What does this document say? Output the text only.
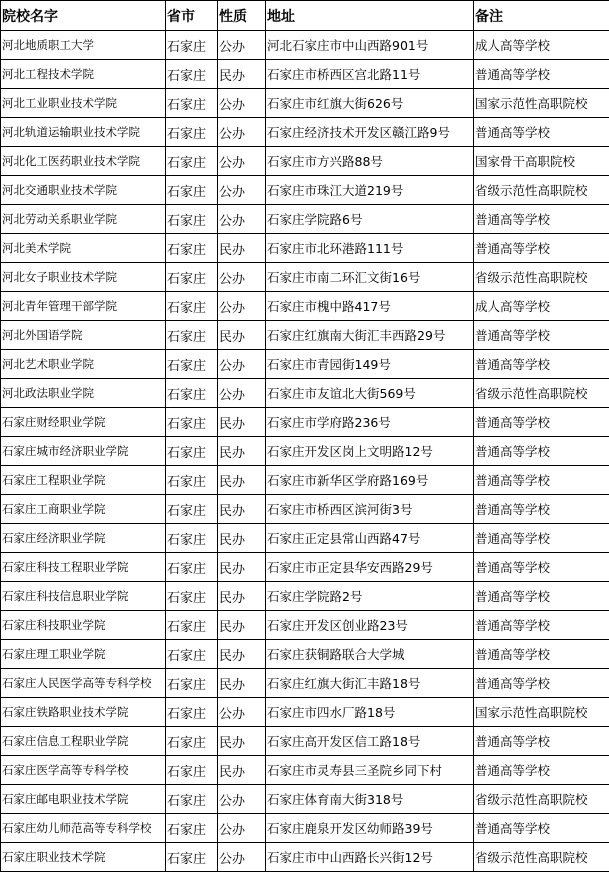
院校名字	省市	性质	地址	备注
河北地质职工大学	石家庄	公办	河北石家庄市中山西路901号	成人高等学校
河北工程技术学院	石家庄	民办	石家庄市桥西区宫北路11号	普通高等学校
河北工业职业技术学院	石家庄	公办	石家庄市红旗大街626号	国家示范性高职院校
河北轨道运输职业技术学院	石家庄	公办	石家庄经济技术开发区赣江路9号	普通高等学校
河北化工医药职业技术学院	石家庄	公办	石家庄市方兴路88号	国家骨干高职院校
河北交通职业技术学院	石家庄	公办	石家庄市珠江大道219号	省级示范性高职院校
河北劳动关系职业学院	石家庄	公办	石家庄学院路6号	普通高等学校
河北美术学院	石家庄	民办	石家庄市北环港路111号	普通高等学校
河北女子职业技术学院	石家庄	公办	石家庄市南二环汇文街16号	省级示范性高职院校
河北青年管理干部学院	石家庄	公办	石家庄市槐中路417号	成人高等学校
河北外国语学院	石家庄	民办	石家庄红旗南大街汇丰西路29号	普通高等学校
河北艺术职业学院	石家庄	公办	石家庄市青园街149号	普通高等学校
河北政法职业学院	石家庄	公办	石家庄市友谊北大街569号	省级示范性高职院校
石家庄财经职业学院	石家庄	民办	石家庄市学府路236号	普通高等学校
石家庄城市经济职业学院	石家庄	民办	石家庄开发区岗上文明路12号	普通高等学校
石家庄工程职业学院	石家庄	民办	石家庄市新华区学府路169号	普通高等学校
石家庄工商职业学院	石家庄	民办	石家庄市桥西区滨河街3号	普通高等学校
石家庄经济职业学院	石家庄	民办	石家庄正定县常山西路47号	普通高等学校
石家庄科技工程职业学院	石家庄	民办	石家庄市正定县华安西路29号	普通高等学校
石家庄科技信息职业学院	石家庄	民办	石家庄学院路2号	普通高等学校
石家庄科技职业学院	石家庄	民办	石家庄开发区创业路23号	普通高等学校
石家庄理工职业学院	石家庄	民办	石家庄获铜路联合大学城	普通高等学校
石家庄人民医学高等专科学校	石家庄	民办	石家庄红旗大街汇丰路18号	普通高等学校
石家庄铁路职业技术学院	石家庄	公办	石家庄市四水厂路18号	国家示范性高职院校
石家庄信息工程职业学院	石家庄	民办	石家庄高开发区信工路18号	普通高等学校
石家庄医学高等专科学校	石家庄	民办	石家庄市灵寿县三圣院乡同下村	普通高等学校
石家庄邮电职业技术学院	石家庄	公办	石家庄体育南大街318号	省级示范性高职院校
石家庄幼儿师范高等专科学校	石家庄	公办	石家庄鹿泉开发区幼师路39号	普通高等学校
石家庄职业技术学院	石家庄	公办	石家庄市中山西路长兴街12号	省级示范性高职院校
